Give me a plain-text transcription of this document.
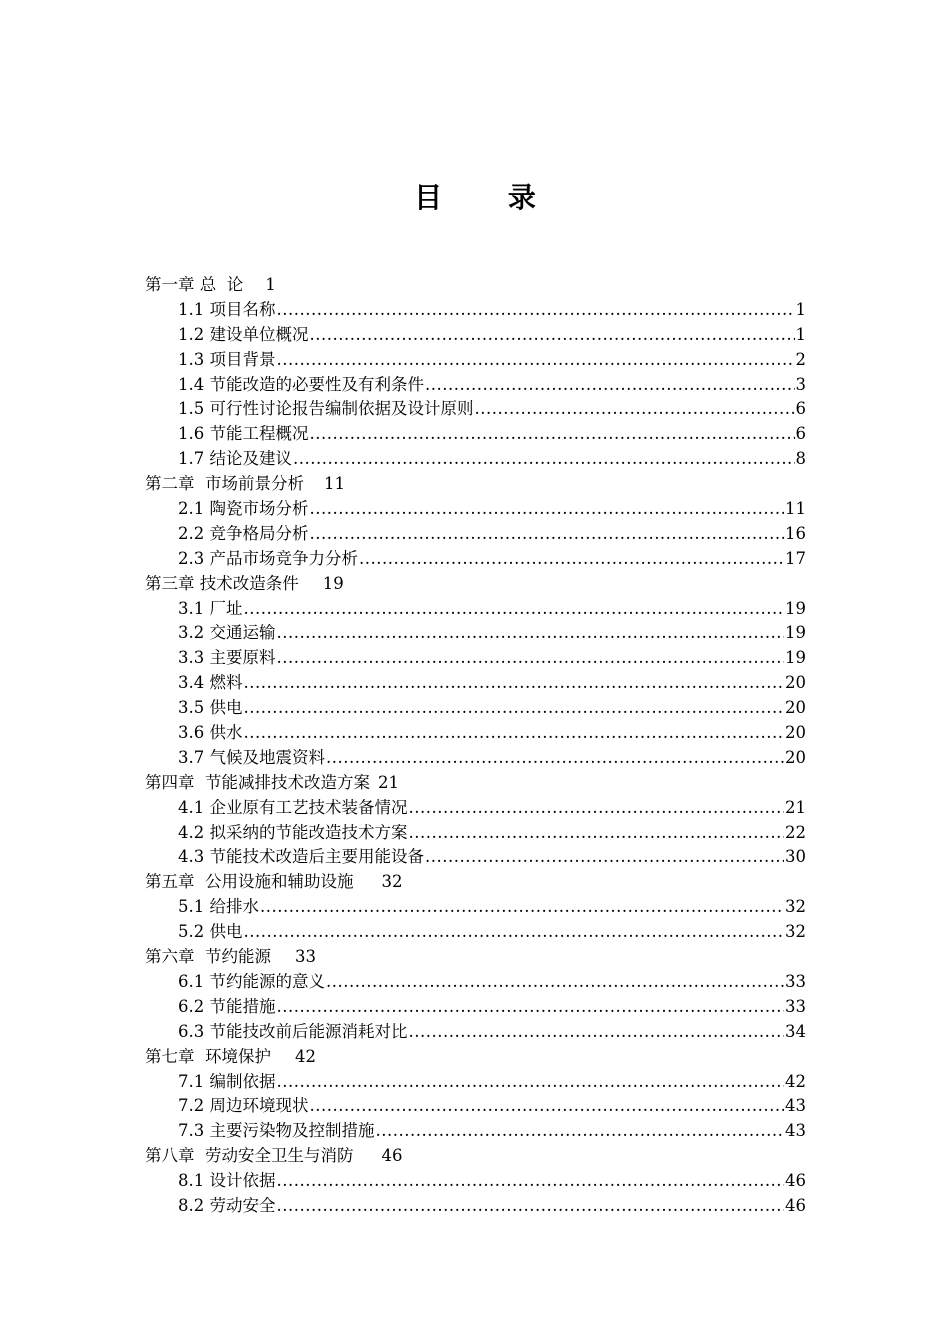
目 录
第一章 总  论 1
1.1 项目名称 .....	1
1.2 建设单位概况 .....	1
1.3 项目背景 .....	2
1.4 节能改造的必要性及有利条件 .....	3
1.5 可行性讨论报告编制依据及设计原则 .....	6
1.6 节能工程概况 .....	6
1.7 结论及建议 .....	8
第二章  市场前景分析 11
2.1 陶瓷市场分析 .....	11
2.2 竞争格局分析 .....	16
2.3 产品市场竞争力分析 .....	17
第三章 技术改造条件 19
3.1 厂址 .....	19
3.2 交通运输 .....	19
3.3 主要原料 .....	19
3.4 燃料 .....	20
3.5 供电 .....	20
3.6 供水 .....	20
3.7 气候及地震资料 .....	20
第四章  节能减排技术改造方案 21
4.1 企业原有工艺技术装备情况 .....	21
4.2 拟采纳的节能改造技术方案 .....	22
4.3 节能技术改造后主要用能设备 .....	30
第五章  公用设施和辅助设施 32
5.1 给排水 .....	32
5.2 供电 .....	32
第六章  节约能源 33
6.1 节约能源的意义 .....	33
6.2 节能措施 .....	33
6.3 节能技改前后能源消耗对比 .....	34
第七章  环境保护 42
7.1 编制依据 .....	42
7.2 周边环境现状 .....	43
7.3 主要污染物及控制措施 .....	43
第八章  劳动安全卫生与消防 46
8.1 设计依据 .....	46
8.2 劳动安全 .....	46
